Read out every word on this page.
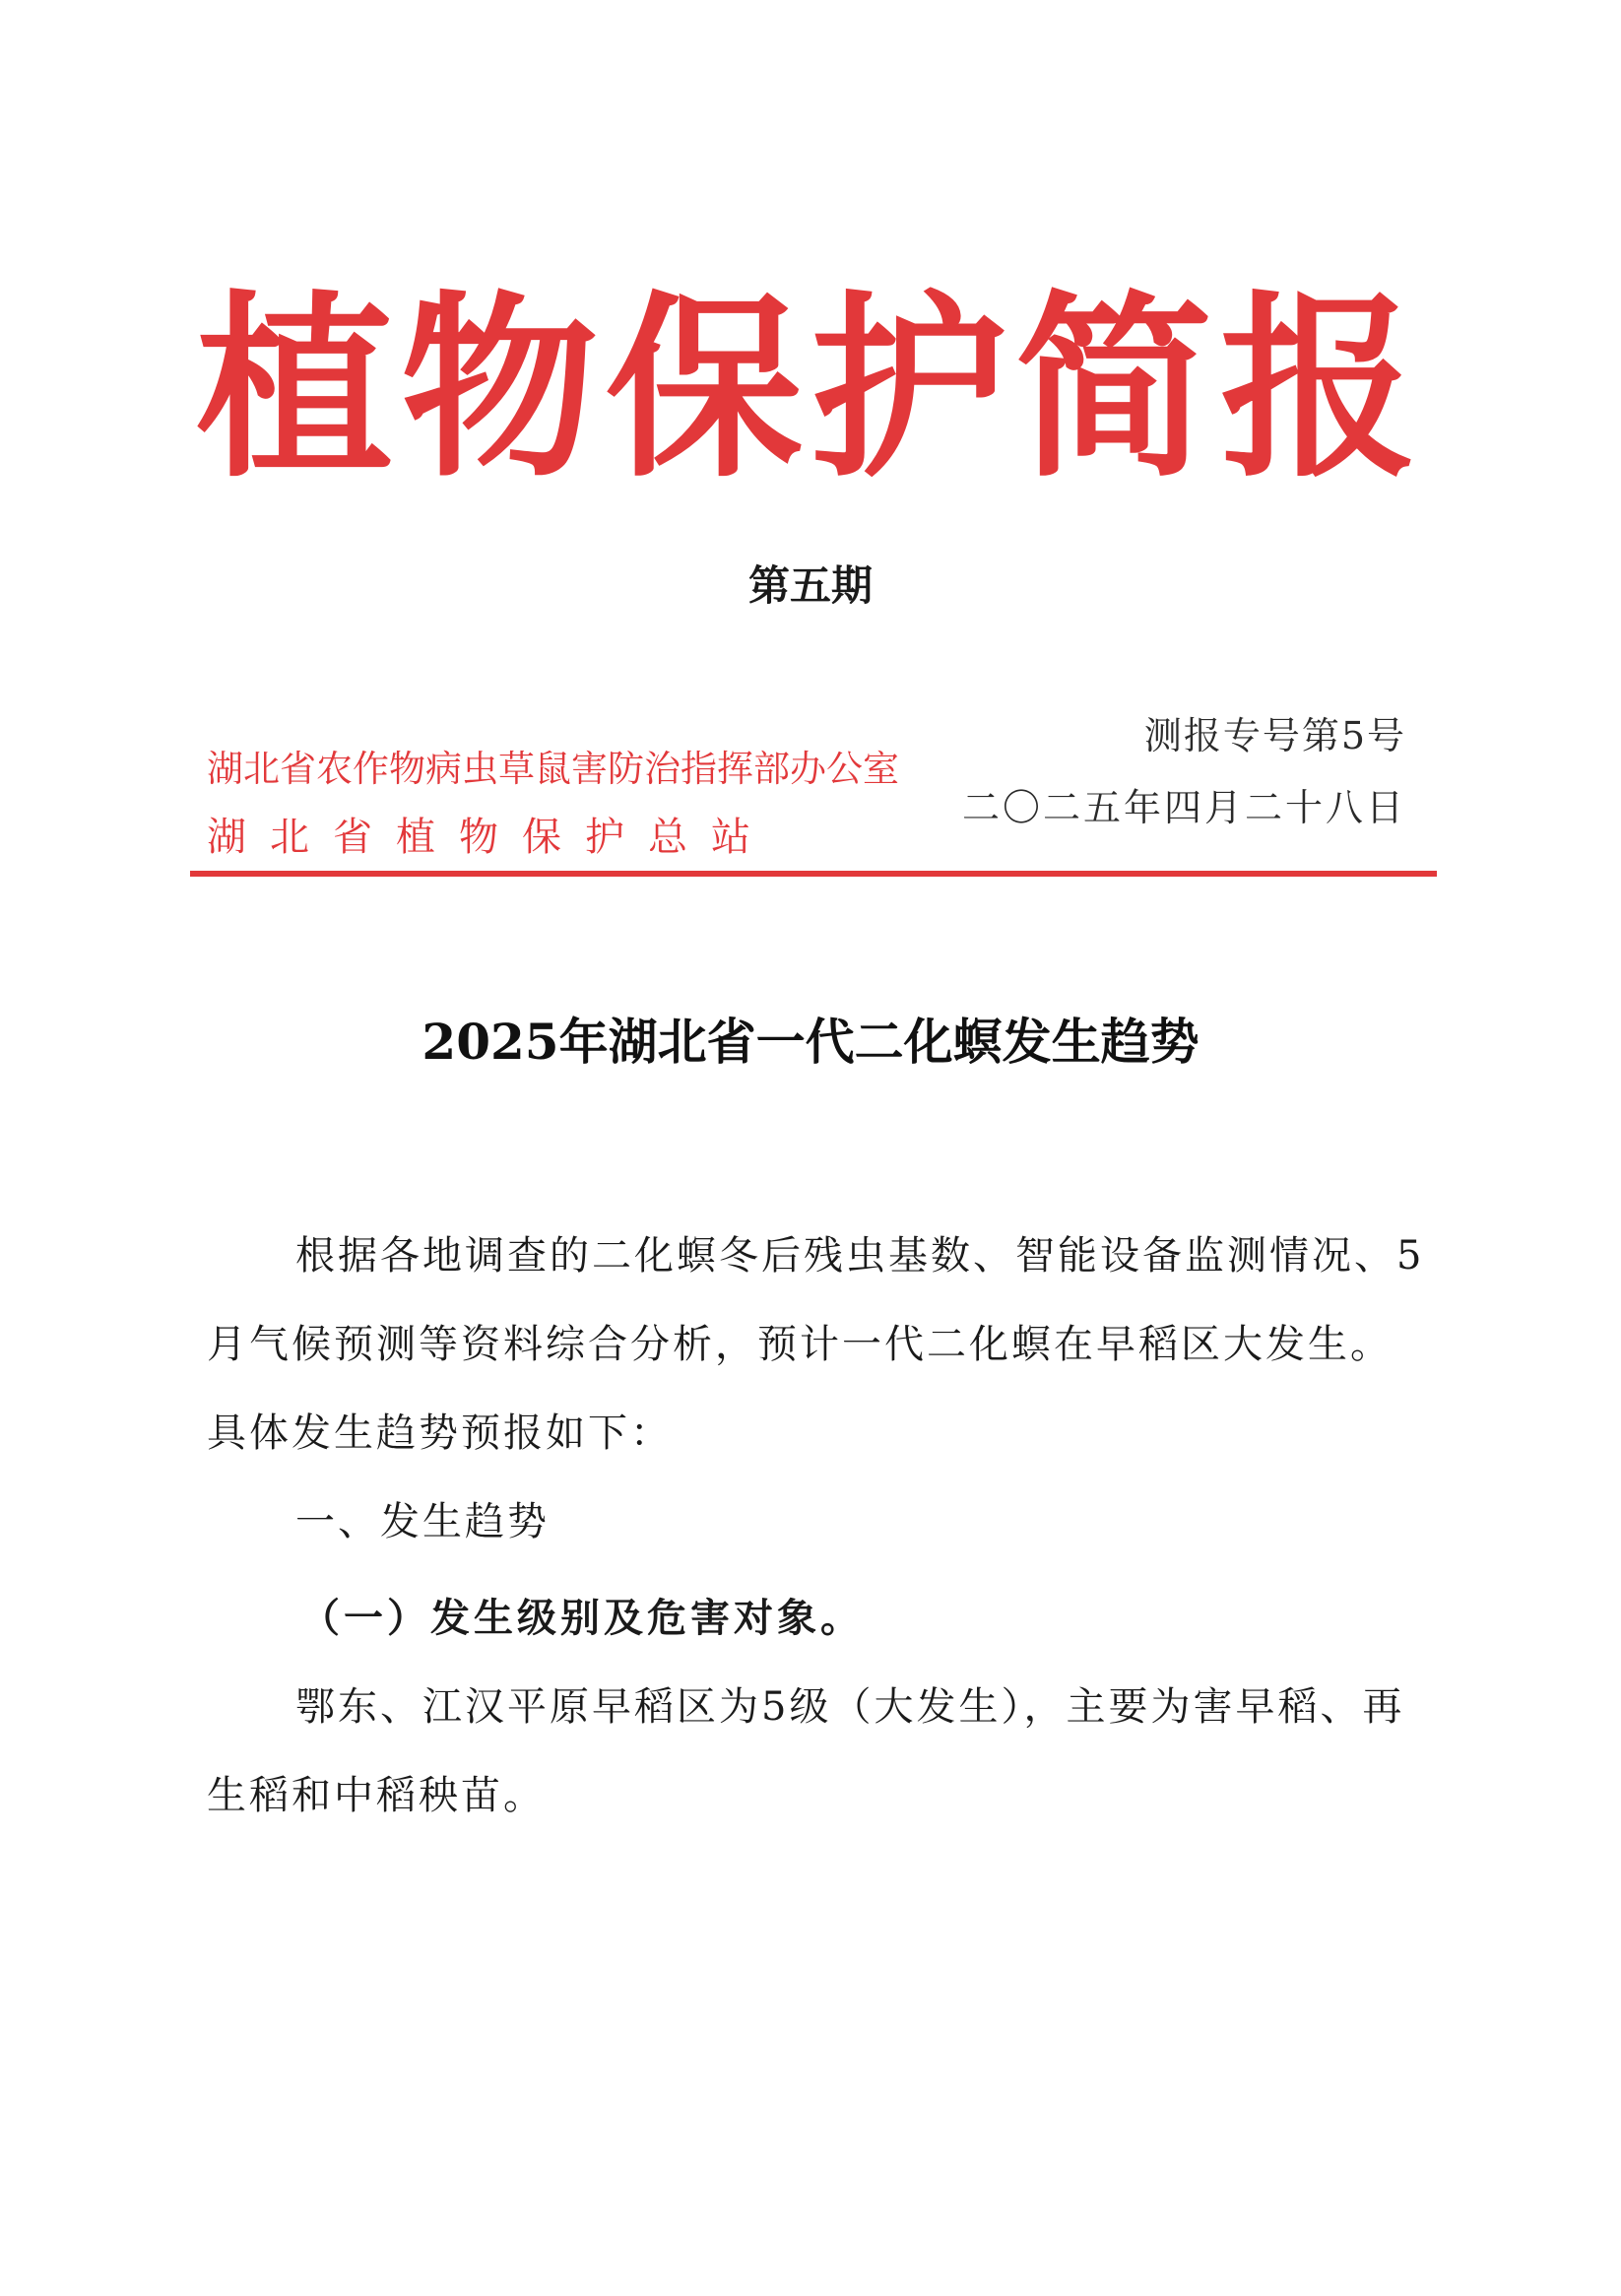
植物保护简报
第五期
湖北省农作物病虫草鼠害防治指挥部办公室
湖北省植物保护总站
测报专号第5号
二〇二五年四月二十八日
2025年湖北省一代二化螟发生趋势
根据各地调查的二化螟冬后残虫基数、智能设备监测情况、5月气候预测等资料综合分析，预计一代二化螟在早稻区大发生。具体发生趋势预报如下：
一、发生趋势
（一）发生级别及危害对象。
鄂东、江汉平原早稻区为5级（大发生），主要为害早稻、再生稻和中稻秧苗。
